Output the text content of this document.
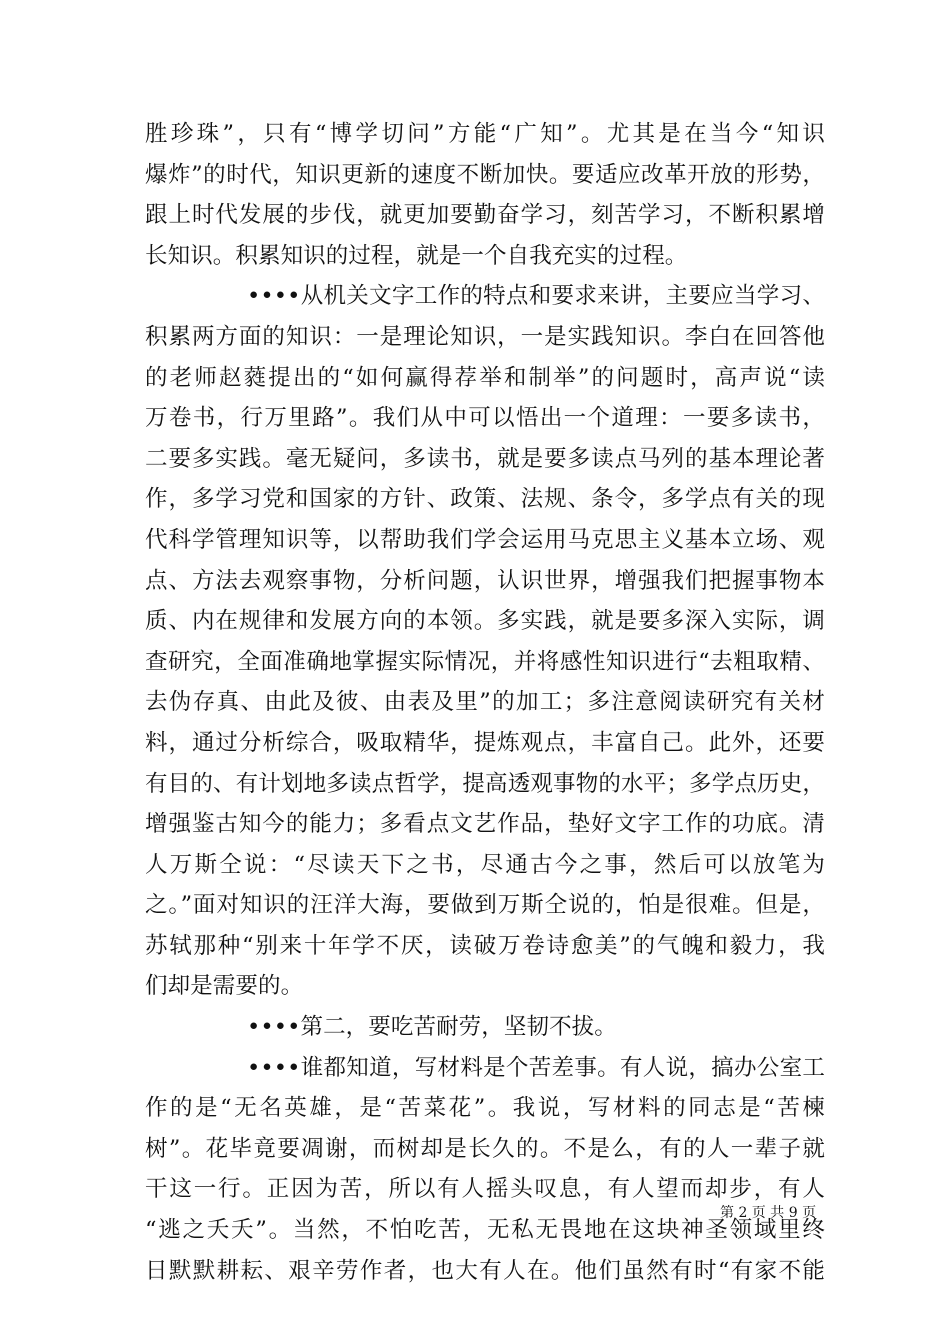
胜珍珠”，只有“博学切问”方能“广知”。尤其是在当今“知识
爆炸”的时代，知识更新的速度不断加快。要适应改革开放的形势，
跟上时代发展的步伐，就更加要勤奋学习，刻苦学习，不断积累增
长知识。积累知识的过程，就是一个自我充实的过程。
••••从机关文字工作的特点和要求来讲，主要应当学习、
积累两方面的知识：一是理论知识，一是实践知识。李白在回答他
的老师赵蕤提出的“如何赢得荐举和制举”的问题时，高声说“读
万卷书，行万里路”。我们从中可以悟出一个道理：一要多读书，
二要多实践。毫无疑问，多读书，就是要多读点马列的基本理论著
作，多学习党和国家的方针、政策、法规、条令，多学点有关的现
代科学管理知识等，以帮助我们学会运用马克思主义基本立场、观
点、方法去观察事物，分析问题，认识世界，增强我们把握事物本
质、内在规律和发展方向的本领。多实践，就是要多深入实际，调
查研究，全面准确地掌握实际情况，并将感性知识进行“去粗取精、
去伪存真、由此及彼、由表及里”的加工；多注意阅读研究有关材
料，通过分析综合，吸取精华，提炼观点，丰富自己。此外，还要
有目的、有计划地多读点哲学，提高透观事物的水平；多学点历史，
增强鉴古知今的能力；多看点文艺作品，垫好文字工作的功底。清
人万斯仝说：“尽读天下之书，尽通古今之事，然后可以放笔为
之。”面对知识的汪洋大海，要做到万斯仝说的，怕是很难。但是，
苏轼那种“别来十年学不厌，读破万卷诗愈美”的气魄和毅力，我
们却是需要的。
••••第二，要吃苦耐劳，坚韧不拔。
••••谁都知道，写材料是个苦差事。有人说，搞办公室工
作的是“无名英雄，是“苦菜花”。我说，写材料的同志是“苦楝
树”。花毕竟要凋谢，而树却是长久的。不是么，有的人一辈子就
干这一行。正因为苦，所以有人摇头叹息，有人望而却步，有人
“逃之夭夭”。当然，不怕吃苦，无私无畏地在这块神圣领域里终
日默默耕耘、艰辛劳作者，也大有人在。他们虽然有时“有家不能
第 2 页 共 9 页
